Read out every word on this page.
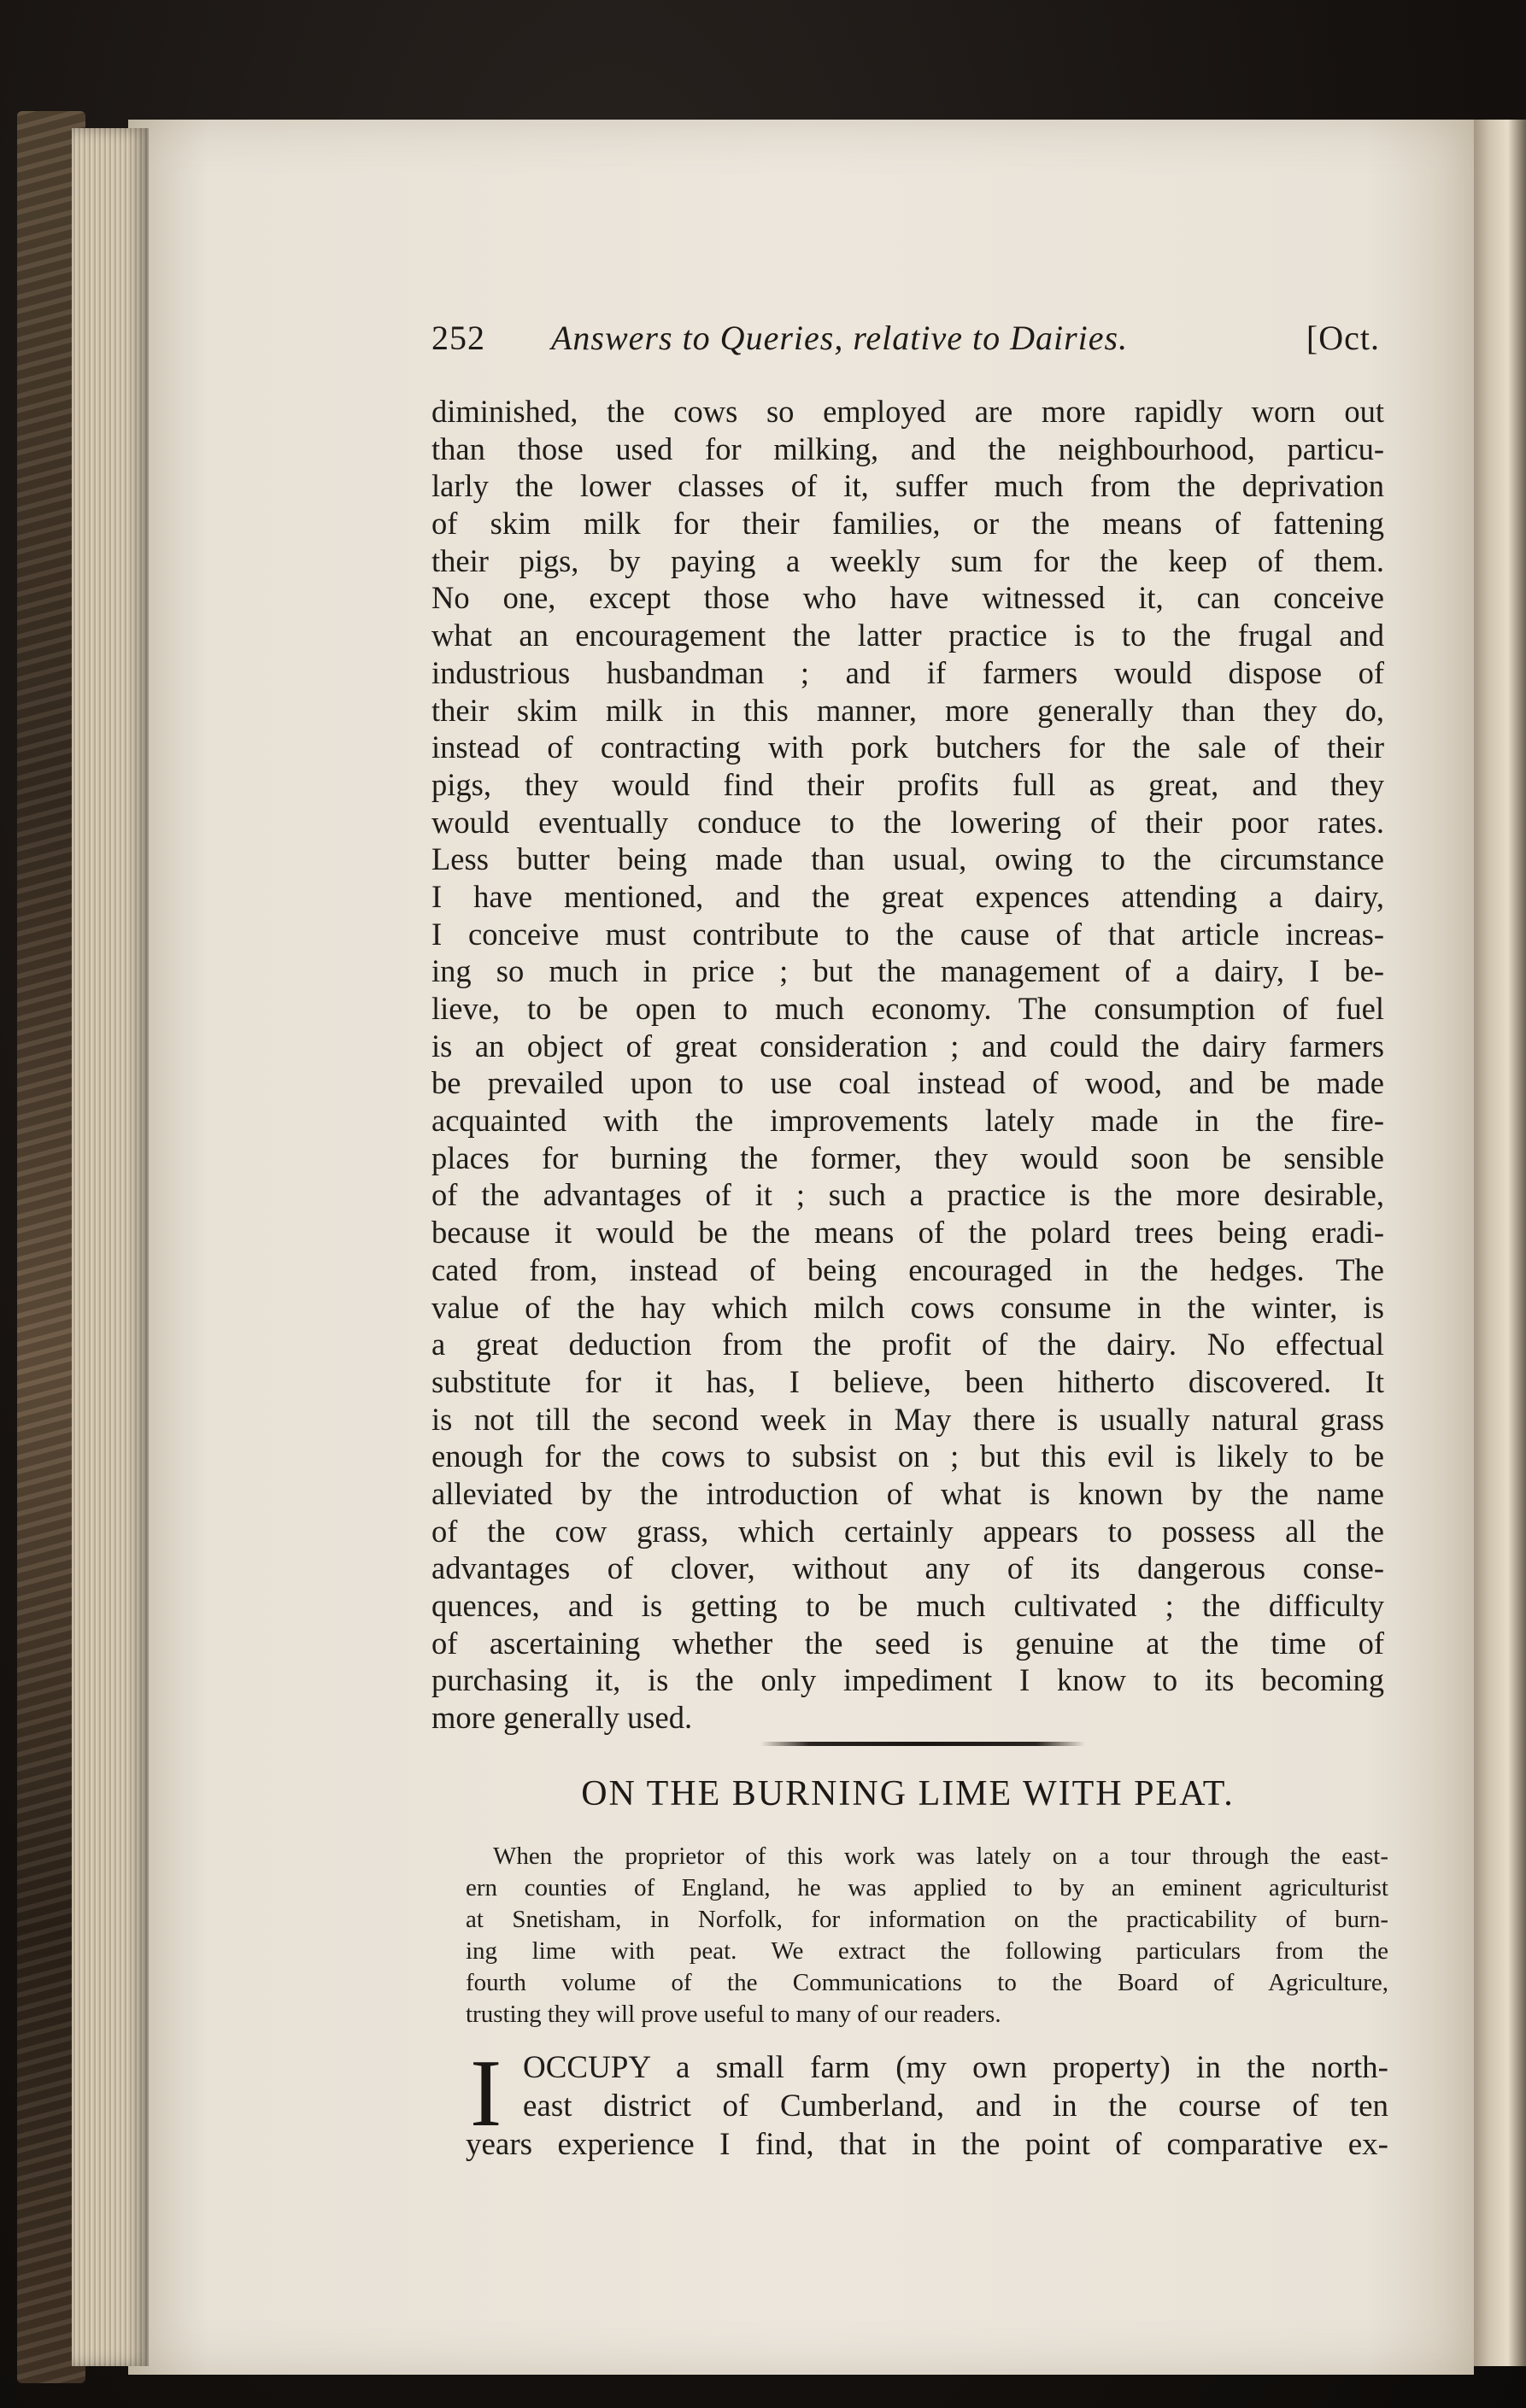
252 Answers to Queries, relative to Dairies.	[Oct.
diminished, the cows so employed are more rapidly worn out
than those used for milking, and the neighbourhood, particu-
larly the lower classes of it, suffer much from the deprivation
of skim milk for their families, or the means of fattening
their pigs, by paying a weekly sum for the keep of them.
No one, except those who have witnessed it, can conceive
what an encouragement the latter practice is to the frugal and
industrious husbandman ; and if farmers would dispose of
their skim milk in this manner, more generally than they do,
instead of contracting with pork butchers for the sale of their
pigs, they would find their profits full as great, and they
would eventually conduce to the lowering of their poor rates.
Less butter being made than usual, owing to the circumstance
I have mentioned, and the great expences attending a dairy,
I conceive must contribute to the cause of that article increas-
ing so much in price ; but the management of a dairy, I be-
lieve, to be open to much economy. The consumption of fuel
is an object of great consideration ; and could the dairy farmers
be prevailed upon to use coal instead of wood, and be made
acquainted with the improvements lately made in the fire-
places for burning the former, they would soon be sensible
of the advantages of it ; such a practice is the more desirable,
because it would be the means of the polard trees being eradi-
cated from, instead of being encouraged in the hedges. The
value of the hay which milch cows consume in the winter, is
a great deduction from the profit of the dairy. No effectual
substitute for it has, I believe, been hitherto discovered. It
is not till the second week in May there is usually natural grass
enough for the cows to subsist on ; but this evil is likely to be
alleviated by the introduction of what is known by the name
of the cow grass, which certainly appears to possess all the
advantages of clover, without any of its dangerous conse-
quences, and is getting to be much cultivated ; the difficulty
of ascertaining whether the seed is genuine at the time of
purchasing it, is the only impediment I know to its becoming
more generally used.
ON THE BURNING LIME WITH PEAT.
When the proprietor of this work was lately on a tour through the east-
ern counties of England, he was applied to by an eminent agriculturist
at Snetisham, in Norfolk, for information on the practicability of burn-
ing lime with peat. We extract the following particulars from the
fourth volume of the Communications to the Board of Agriculture,
trusting they will prove useful to many of our readers.
I OCCUPY a small farm (my own property) in the north-
east district of Cumberland, and in the course of ten
years experience I find, that in the point of comparative ex-
